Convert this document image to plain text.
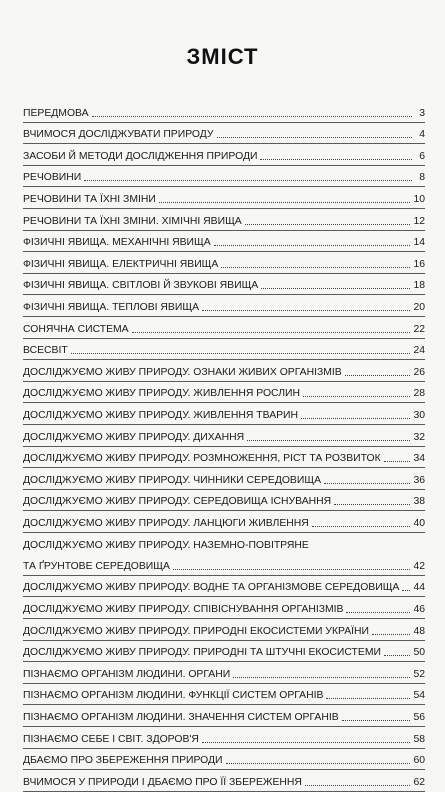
ЗМІСТ
ПЕРЕДМОВА	3
ВЧИМОСЯ ДОСЛІДЖУВАТИ ПРИРОДУ	4
ЗАСОБИ Й МЕТОДИ ДОСЛІДЖЕННЯ ПРИРОДИ	6
РЕЧОВИНИ	8
РЕЧОВИНИ ТА ЇХНІ ЗМІНИ	10
РЕЧОВИНИ ТА ЇХНІ ЗМІНИ. ХІМІЧНІ ЯВИЩА	12
ФІЗИЧНІ ЯВИЩА. МЕХАНІЧНІ ЯВИЩА	14
ФІЗИЧНІ ЯВИЩА. ЕЛЕКТРИЧНІ ЯВИЩА	16
ФІЗИЧНІ ЯВИЩА. СВІТЛОВІ Й ЗВУКОВІ ЯВИЩА	18
ФІЗИЧНІ ЯВИЩА. ТЕПЛОВІ ЯВИЩА	20
СОНЯЧНА СИСТЕМА	22
ВСЕСВІТ	24
ДОСЛІДЖУЄМО ЖИВУ ПРИРОДУ. ОЗНАКИ ЖИВИХ ОРГАНІЗМІВ	26
ДОСЛІДЖУЄМО ЖИВУ ПРИРОДУ. ЖИВЛЕННЯ РОСЛИН	28
ДОСЛІДЖУЄМО ЖИВУ ПРИРОДУ. ЖИВЛЕННЯ ТВАРИН	30
ДОСЛІДЖУЄМО ЖИВУ ПРИРОДУ. ДИХАННЯ	32
ДОСЛІДЖУЄМО ЖИВУ ПРИРОДУ. РОЗМНОЖЕННЯ, РІСТ ТА РОЗВИТОК	34
ДОСЛІДЖУЄМО ЖИВУ ПРИРОДУ. ЧИННИКИ СЕРЕДОВИЩА	36
ДОСЛІДЖУЄМО ЖИВУ ПРИРОДУ. СЕРЕДОВИЩА ІСНУВАННЯ	38
ДОСЛІДЖУЄМО ЖИВУ ПРИРОДУ. ЛАНЦЮГИ ЖИВЛЕННЯ	40
ДОСЛІДЖУЄМО ЖИВУ ПРИРОДУ. НАЗЕМНО-ПОВІТРЯНЕ
ТА ҐРУНТОВЕ СЕРЕДОВИЩА	42
ДОСЛІДЖУЄМО ЖИВУ ПРИРОДУ. ВОДНЕ ТА ОРГАНІЗМОВЕ СЕРЕДОВИЩА 44
ДОСЛІДЖУЄМО ЖИВУ ПРИРОДУ. СПІВІСНУВАННЯ ОРГАНІЗМІВ	46
ДОСЛІДЖУЄМО ЖИВУ ПРИРОДУ. ПРИРОДНІ ЕКОСИСТЕМИ УКРАЇНИ	48
ДОСЛІДЖУЄМО ЖИВУ ПРИРОДУ. ПРИРОДНІ ТА ШТУЧНІ ЕКОСИСТЕМИ	50
ПІЗНАЄМО ОРГАНІЗМ ЛЮДИНИ. ОРГАНИ	52
ПІЗНАЄМО ОРГАНІЗМ ЛЮДИНИ. ФУНКЦІЇ СИСТЕМ ОРГАНІВ	54
ПІЗНАЄМО ОРГАНІЗМ ЛЮДИНИ. ЗНАЧЕННЯ СИСТЕМ ОРГАНІВ	56
ПІЗНАЄМО СЕБЕ І СВІТ. ЗДОРОВ'Я	58
ДБАЄМО ПРО ЗБЕРЕЖЕННЯ ПРИРОДИ	60
ВЧИМОСЯ У ПРИРОДИ І ДБАЄМО ПРО ЇЇ ЗБЕРЕЖЕННЯ	62
